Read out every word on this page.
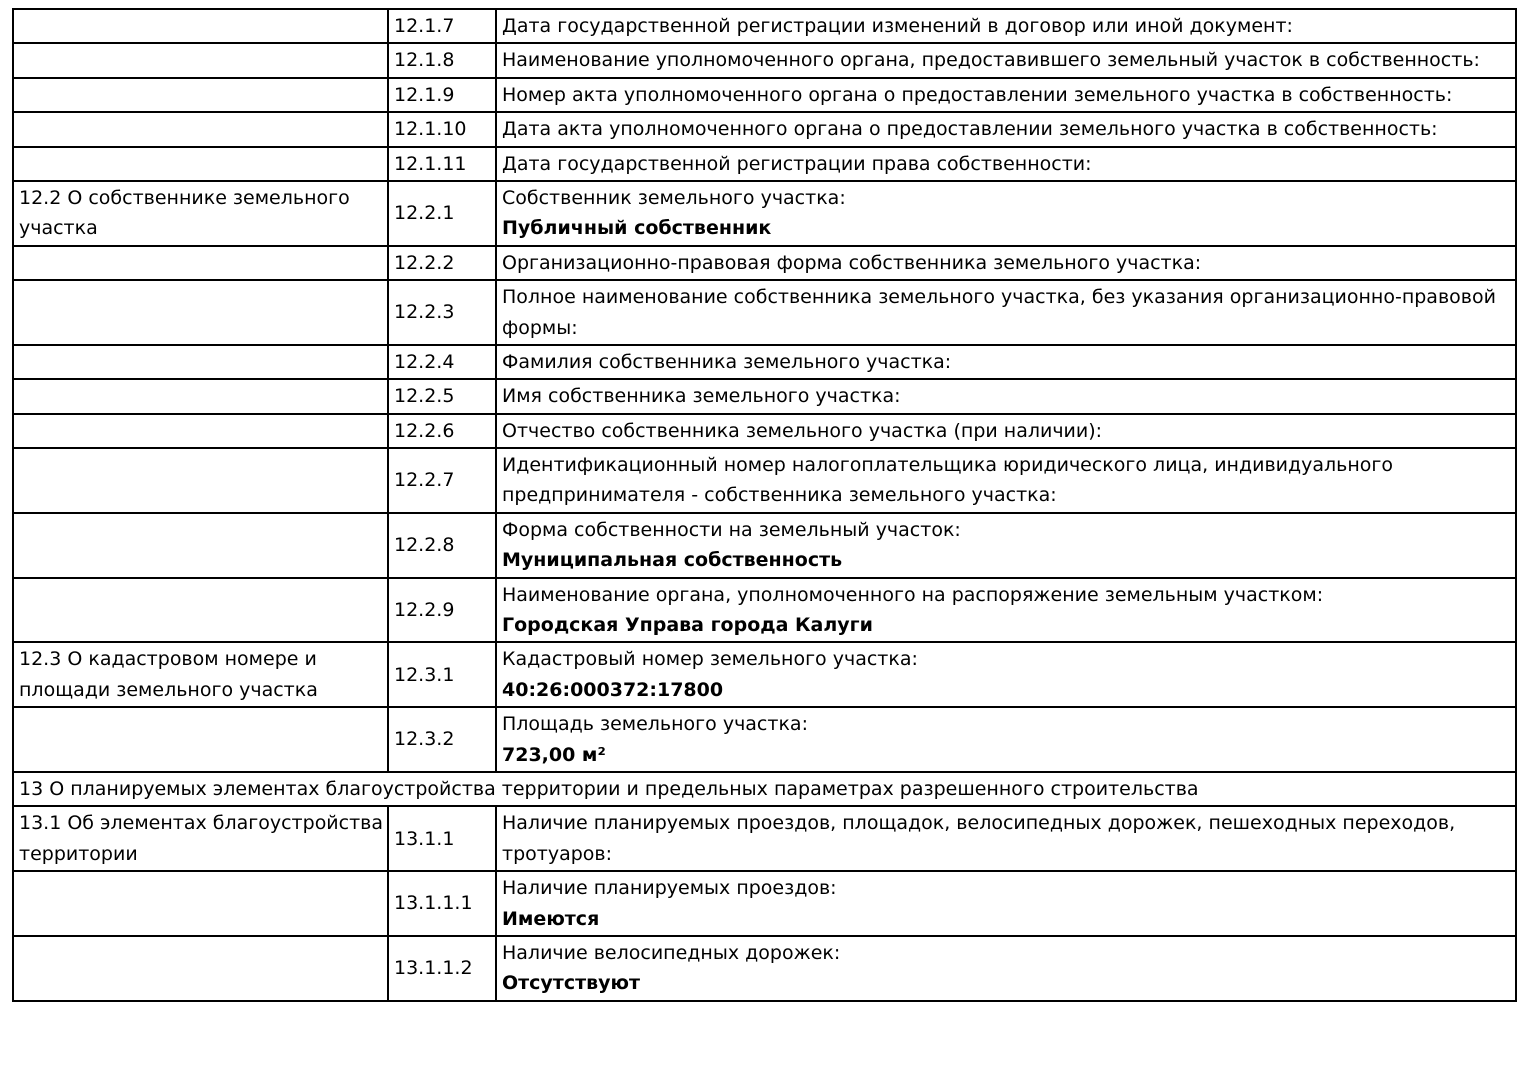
	12.1.7	Дата государственной регистрации изменений в договор или иной документ:

	12.1.8	Наименование уполномоченного органа, предоставившего земельный участок в собственность:

	12.1.9	Номер акта уполномоченного органа о предоставлении земельного участка в собственность:

	12.1.10	Дата акта уполномоченного органа о предоставлении земельного участка в собственность:

	12.1.11	Дата государственной регистрации права собственности:

12.2 О собственнике земельного участка	12.2.1	Собственник земельного участка:
Публичный собственник

	12.2.2	Организационно-правовая форма собственника земельного участка:

	12.2.3	Полное наименование собственника земельного участка, без указания организационно-правовой формы:

	12.2.4	Фамилия собственника земельного участка:

	12.2.5	Имя собственника земельного участка:

	12.2.6	Отчество собственника земельного участка (при наличии):

	12.2.7	Идентификационный номер налогоплательщика юридического лица, индивидуального предпринимателя - собственника земельного участка:

	12.2.8	Форма собственности на земельный участок:
Муниципальная собственность

	12.2.9	Наименование органа, уполномоченного на распоряжение земельным участком:
Городская Управа города Калуги

12.3 О кадастровом номере и площади земельного участка	12.3.1	Кадастровый номер земельного участка:
40:26:000372:17800

	12.3.2	Площадь земельного участка:
723,00 м²

13 О планируемых элементах благоустройства территории и предельных параметрах разрешенного строительства		
13.1 Об элементах благоустройства территории	13.1.1	Наличие планируемых проездов, площадок, велосипедных дорожек, пешеходных переходов, тротуаров:

	13.1.1.1	Наличие планируемых проездов:
Имеются

	13.1.1.2	Наличие велосипедных дорожек:
Отсутствуют
